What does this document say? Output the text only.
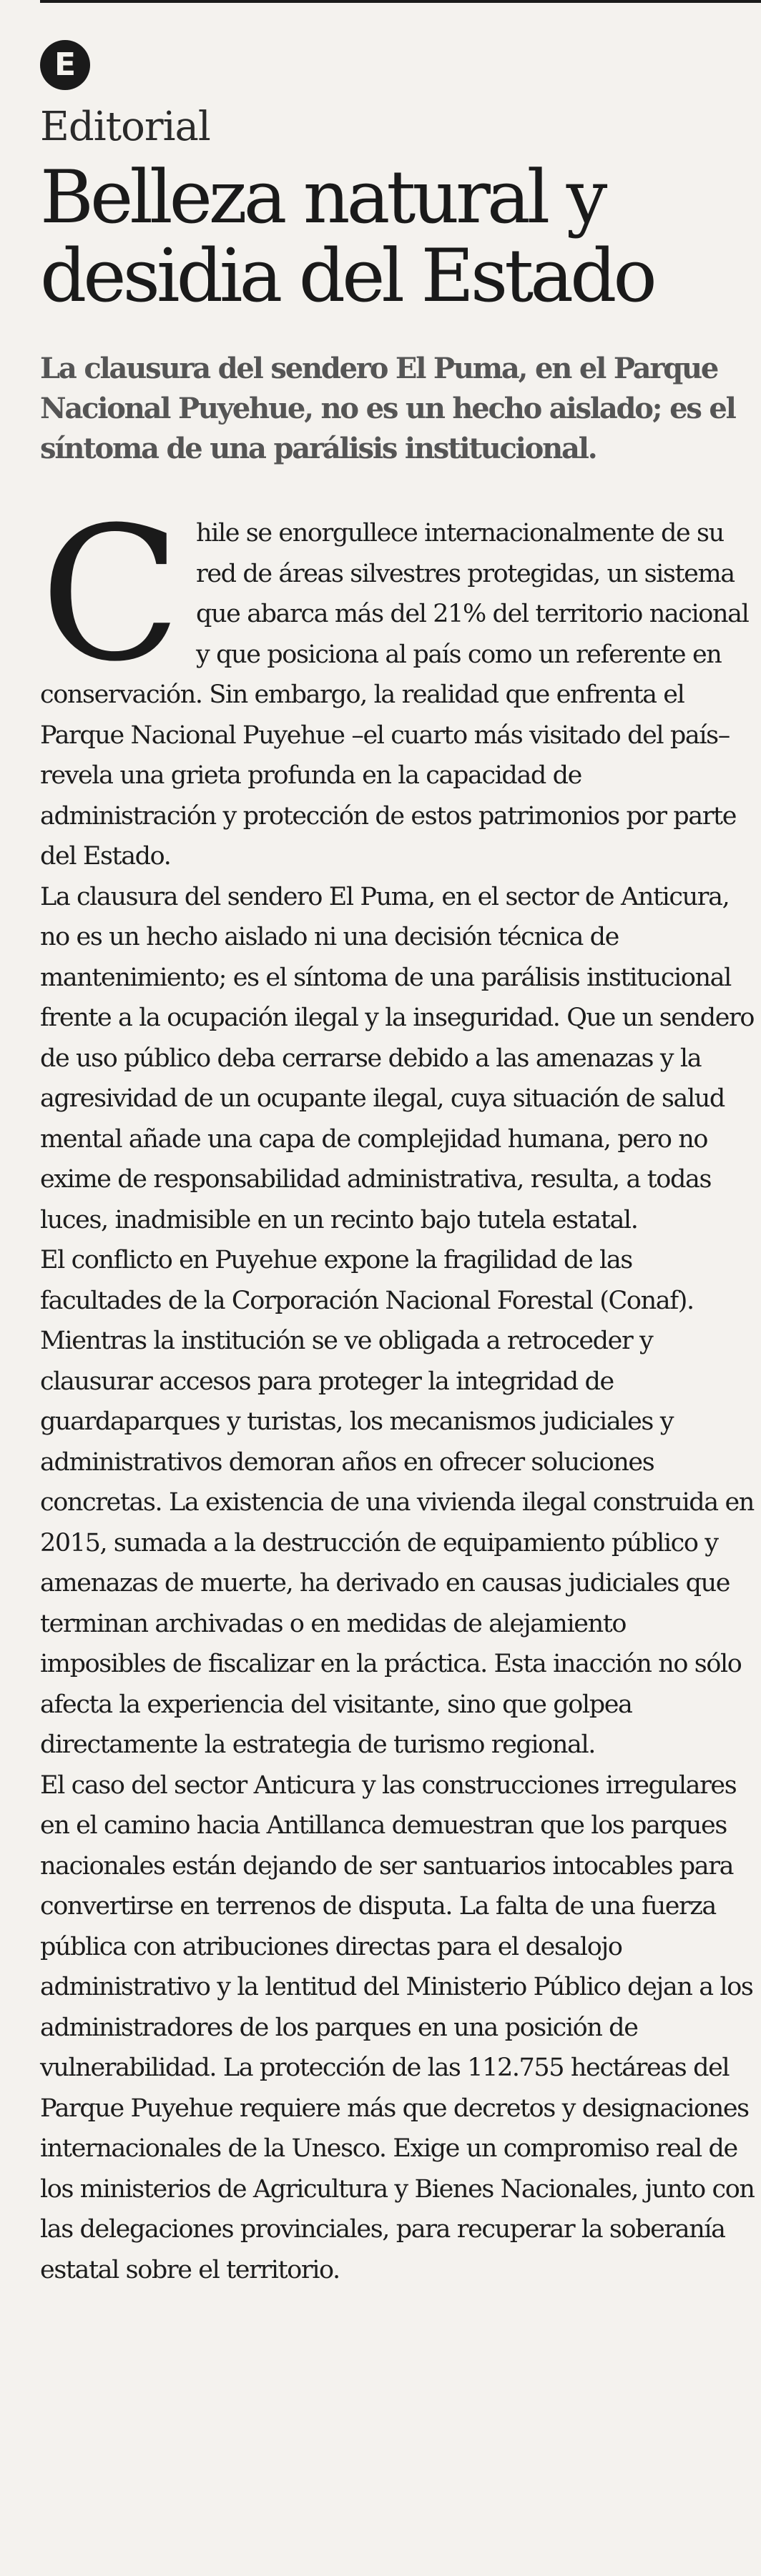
E
Editorial
Belleza natural y
desidia del Estado

La clausura del sendero El Puma, en el Parque Nacional Puyehue, no es un hecho aislado; es el síntoma de una parálisis institucional.

Chile se enorgullece internacionalmente de su red de áreas silvestres protegidas, un sistema que abarca más del 21% del territorio nacional y que posiciona al país como un referente en conservación. Sin embargo, la realidad que enfrenta el Parque Nacional Puyehue –el cuarto más visitado del país– revela una grieta profunda en la capacidad de administración y protección de estos patrimonios por parte del Estado.

La clausura del sendero El Puma, en el sector de Anticura, no es un hecho aislado ni una decisión técnica de mantenimiento; es el síntoma de una parálisis institucional frente a la ocupación ilegal y la inseguridad. Que un sendero de uso público deba cerrarse debido a las amenazas y la agresividad de un ocupante ilegal, cuya situación de salud mental añade una capa de complejidad humana, pero no exime de responsabilidad administrativa, resulta, a todas luces, inadmisible en un recinto bajo tutela estatal.

El conflicto en Puyehue expone la fragilidad de las facultades de la Corporación Nacional Forestal (Conaf). Mientras la institución se ve obligada a retroceder y clausurar accesos para proteger la integridad de guardaparques y turistas, los mecanismos judiciales y administrativos demoran años en ofrecer soluciones concretas. La existencia de una vivienda ilegal construida en 2015, sumada a la destrucción de equipamiento público y amenazas de muerte, ha derivado en causas judiciales que terminan archivadas o en medidas de alejamiento imposibles de fiscalizar en la práctica. Esta inacción no sólo afecta la experiencia del visitante, sino que golpea directamente la estrategia de turismo regional.

El caso del sector Anticura y las construcciones irregulares en el camino hacia Antillanca demuestran que los parques nacionales están dejando de ser santuarios intocables para convertirse en terrenos de disputa. La falta de una fuerza pública con atribuciones directas para el desalojo administrativo y la lentitud del Ministerio Público dejan a los administradores de los parques en una posición de vulnerabilidad. La protección de las 112.755 hectáreas del Parque Puyehue requiere más que decretos y designaciones internacionales de la Unesco. Exige un compromiso real de los ministerios de Agricultura y Bienes Nacionales, junto con las delegaciones provinciales, para recuperar la soberanía estatal sobre el territorio.
